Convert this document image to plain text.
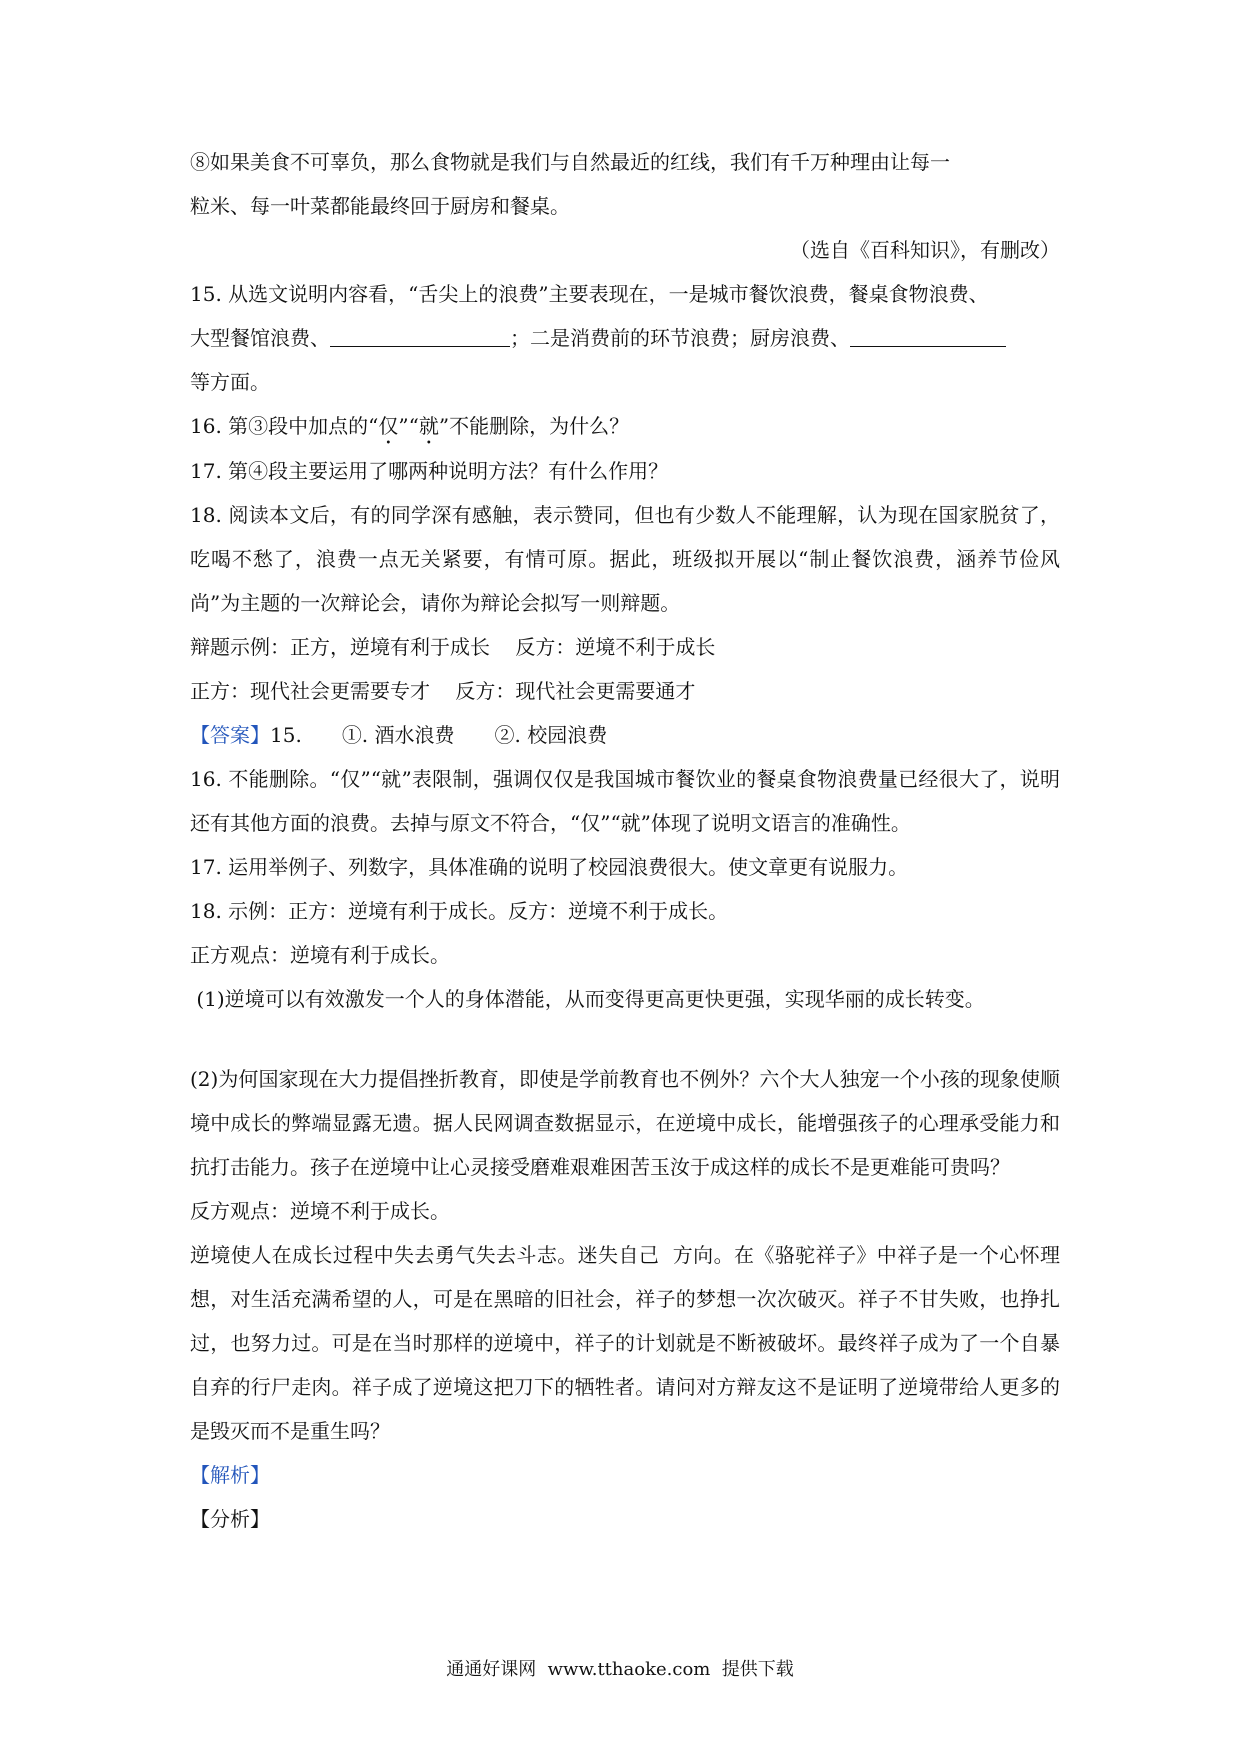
⑧如果美食不可辜负，那么食物就是我们与自然最近的红线，我们有千万种理由让每一

粒米、每一叶菜都能最终回于厨房和餐桌。

（选自《百科知识》，有删改）

15. 从选文说明内容看，“舌尖上的浪费”主要表现在，一是城市餐饮浪费，餐桌食物浪费、

大型餐馆浪费、	；二是消费前的环节浪费；厨房浪费、

等方面。

16. 第③段中加点的“仅”“就”不能删除，为什么？

17. 第④段主要运用了哪两种说明方法？有什么作用？

18. 阅读本文后，有的同学深有感触，表示赞同，但也有少数人不能理解，认为现在国家脱贫了，吃喝不愁了，浪费一点无关紧要，有情可原。据此，班级拟开展以“制止餐饮浪费，涵养节俭风尚”为主题的一次辩论会，请你为辩论会拟写一则辩题。

辩题示例：正方，逆境有利于成长    反方：逆境不利于成长

正方：现代社会更需要专才    反方：现代社会更需要通才

【答案】15. ①. 酒水浪费 ②. 校园浪费

16. 不能删除。“仅”“就”表限制，强调仅仅是我国城市餐饮业的餐桌食物浪费量已经很大了，说明还有其他方面的浪费。去掉与原文不符合，“仅”“就”体现了说明文语言的准确性。

17. 运用举例子、列数字，具体准确的说明了校园浪费很大。使文章更有说服力。

18. 示例：正方：逆境有利于成长。反方：逆境不利于成长。

正方观点：逆境有利于成长。

(1)逆境可以有效激发一个人的身体潜能，从而变得更高更快更强，实现华丽的成长转变。

(2)为何国家现在大力提倡挫折教育，即使是学前教育也不例外？六个大人独宠一个小孩的现象使顺境中成长的弊端显露无遗。据人民网调查数据显示，在逆境中成长，能增强孩子的心理承受能力和抗打击能力。孩子在逆境中让心灵接受磨难艰难困苦玉汝于成这样的成长不是更难能可贵吗？

反方观点：逆境不利于成长。

逆境使人在成长过程中失去勇气失去斗志。迷失自己  方向。在《骆驼祥子》中祥子是一个心怀理想，对生活充满希望的人，可是在黑暗的旧社会，祥子的梦想一次次破灭。祥子不甘失败，也挣扎过，也努力过。可是在当时那样的逆境中，祥子的计划就是不断被破坏。最终祥子成为了一个自暴自弃的行尸走肉。祥子成了逆境这把刀下的牺牲者。请问对方辩友这不是证明了逆境带给人更多的是毁灭而不是重生吗？

【解析】

【分析】

通通好课网  www.tthaoke.com  提供下载
